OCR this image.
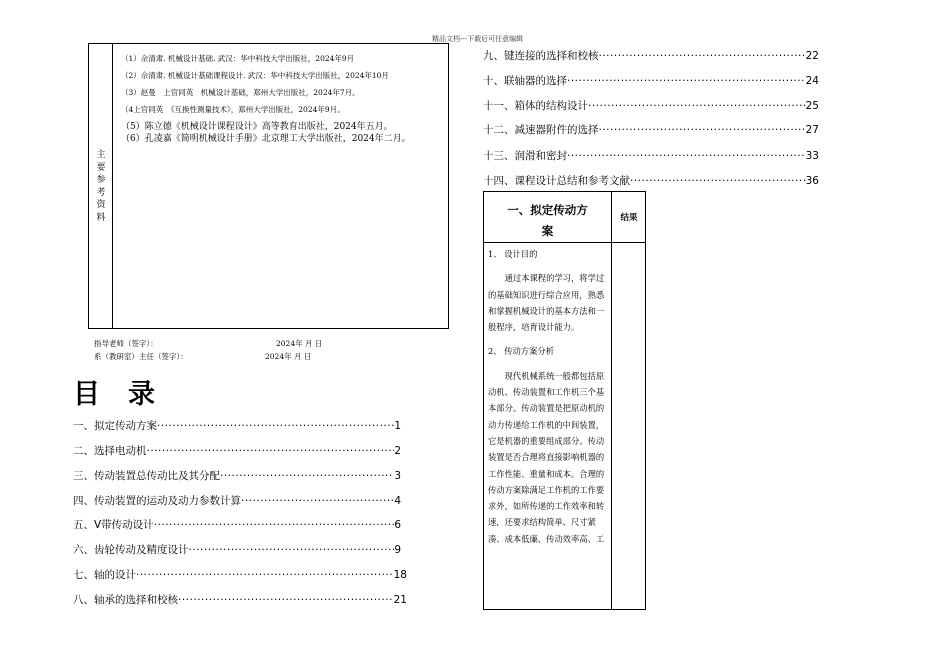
精品文档---下载后可任意编辑
主要参考资料
（1）佘清肃. 机械设计基础. 武汉：华中科技大学出版社，2024年9月
（2）佘清肃. 机械设计基础课程设计. 武汉：华中科技大学出版社，2024年10月
（3）赵曼　上官同英　机械设计基础，郑州大学出版社，2024年7月。
（4上官同英　《互换性测量技术》，郑州大学出版社，2024年9月。
（5）陈立德《机械设计课程设计》高等教育出版社，2024年五月。
（6）孔凌嘉《简明机械设计手册》北京理工大学出版社，2024年二月。
指导老师（签字）：	2024年 月 日
系（教研室）主任（签字）：	2024年 月 日
目录
一、拟定传动方案 ·····	1
二、选择电动机 ·····	2
三、传动装置总传动比及其分配 ·····	3
四、传动装置的运动及动力参数计算 ·····	4
五、V带传动设计 ·····	6
六、齿轮传动及精度设计 ·····	9
七、轴的设计 ·····	18
八、轴承的选择和校核 ·····	21
九、键连接的选择和校核 ·····	22
十、联轴器的选择 ·····	24
十一、箱体的结构设计 ·····	25
十二、减速器附件的选择 ·····	27
十三、润滑和密封 ·····	33
十四、课程设计总结和参考文献 ·····	36
一、拟定传动方
案
结果

1、 设计目的

通过本课程的学习，将学过的基础知识进行综合应用，熟悉和掌握机械设计的基本方法和一般程序，培育设计能力。

2、 传动方案分析

现代机械系统一般都包括原动机、传动装置和工作机三个基本部分。传动装置是把原动机的动力传递给工作机的中间装置，它是机器的重要组成部分。传动装置是否合理将直接影响机器的工作性能、重量和成本。合理的传动方案除满足工作机的工作要求外，如所传递的工作效率和转速，还要求结构简单、尺寸紧凑、成本低廉、传动效率高、工
